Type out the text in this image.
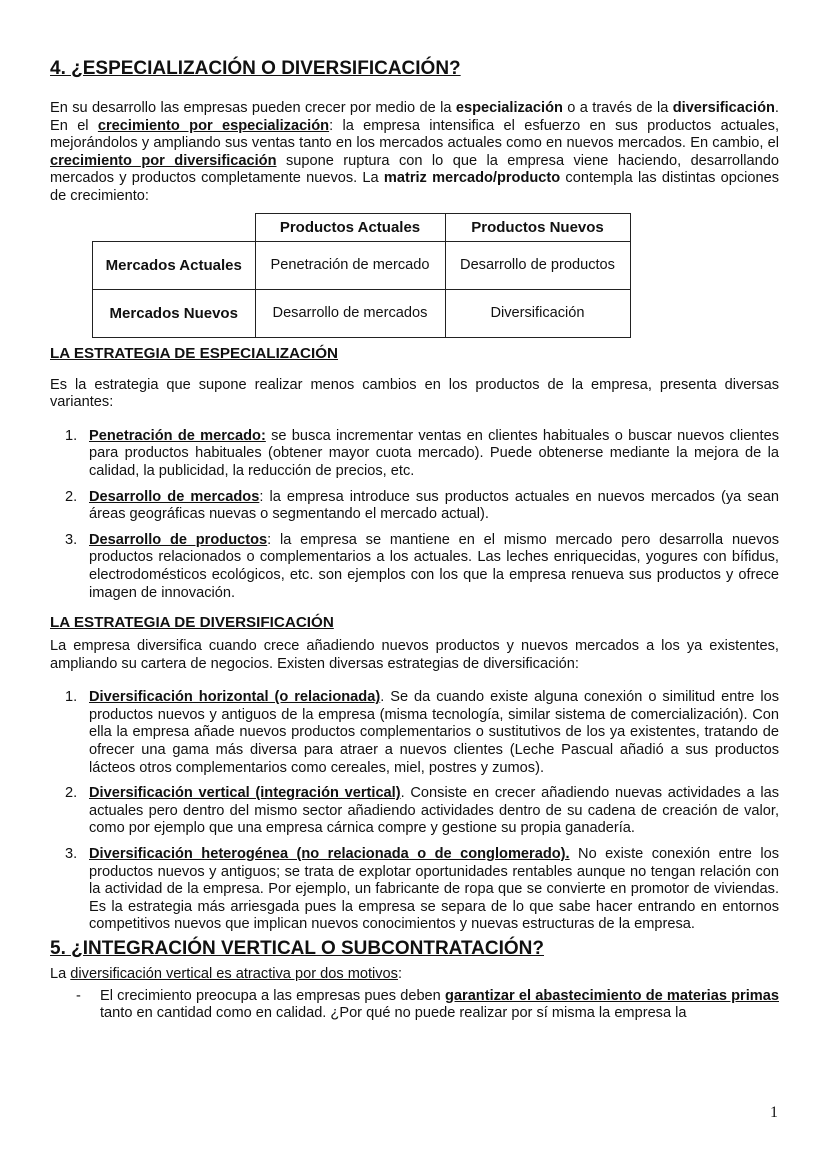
4. ¿ESPECIALIZACIÓN O DIVERSIFICACIÓN?

En su desarrollo las empresas pueden crecer por medio de la especialización o a través de la diversificación. En el crecimiento por especialización: la empresa intensifica el esfuerzo en sus productos actuales, mejorándolos y ampliando sus ventas tanto en los mercados actuales como en nuevos mercados. En cambio, el crecimiento por diversificación supone ruptura con lo que la empresa viene haciendo, desarrollando mercados y productos completamente nuevos. La matriz mercado/producto contempla las distintas opciones de crecimiento:

	Productos Actuales	Productos Nuevos
Mercados Actuales	Penetración de mercado	Desarrollo de productos
Mercados Nuevos	Desarrollo de mercados	Diversificación
LA ESTRATEGIA DE ESPECIALIZACIÓN

Es la estrategia que supone realizar menos cambios en los productos de la empresa, presenta diversas variantes:

1. Penetración de mercado: se busca incrementar ventas en clientes habituales o buscar nuevos clientes para productos habituales (obtener mayor cuota mercado). Puede obtenerse mediante la mejora de la calidad, la publicidad, la reducción de precios, etc.
2. Desarrollo de mercados: la empresa introduce sus productos actuales en nuevos mercados (ya sean áreas geográficas nuevas o segmentando el mercado actual).
3. Desarrollo de productos: la empresa se mantiene en el mismo mercado pero desarrolla nuevos productos relacionados o complementarios a los actuales. Las leches enriquecidas, yogures con bífidus, electrodomésticos ecológicos, etc. son ejemplos con los que la empresa renueva sus productos y ofrece imagen de innovación.
LA ESTRATEGIA DE DIVERSIFICACIÓN

La empresa diversifica cuando crece añadiendo nuevos productos y nuevos mercados a los ya existentes, ampliando su cartera de negocios. Existen diversas estrategias de diversificación:

1. Diversificación horizontal (o relacionada). Se da cuando existe alguna conexión o similitud entre los productos nuevos y antiguos de la empresa (misma tecnología, similar sistema de comercialización). Con ella la empresa añade nuevos productos complementarios o sustitutivos de los ya existentes, tratando de ofrecer una gama más diversa para atraer a nuevos clientes (Leche Pascual añadió a sus productos lácteos otros complementarios como cereales, miel, postres y zumos).
2. Diversificación vertical (integración vertical). Consiste en crecer añadiendo nuevas actividades a las actuales pero dentro del mismo sector añadiendo actividades dentro de su cadena de creación de valor, como por ejemplo que una empresa cárnica compre y gestione su propia ganadería.
3. Diversificación heterogénea (no relacionada o de conglomerado). No existe conexión entre los productos nuevos y antiguos; se trata de explotar oportunidades rentables aunque no tengan relación con la actividad de la empresa. Por ejemplo, un fabricante de ropa que se convierte en promotor de viviendas. Es la estrategia más arriesgada pues la empresa se separa de lo que sabe hacer entrando en entornos competitivos nuevos que implican nuevos conocimientos y nuevas estructuras de la empresa.
5. ¿INTEGRACIÓN VERTICAL O SUBCONTRATACIÓN?

La diversificación vertical es atractiva por dos motivos:

- El crecimiento preocupa a las empresas pues deben garantizar el abastecimiento de materias primas tanto en cantidad como en calidad. ¿Por qué no puede realizar por sí misma la empresa la
1
